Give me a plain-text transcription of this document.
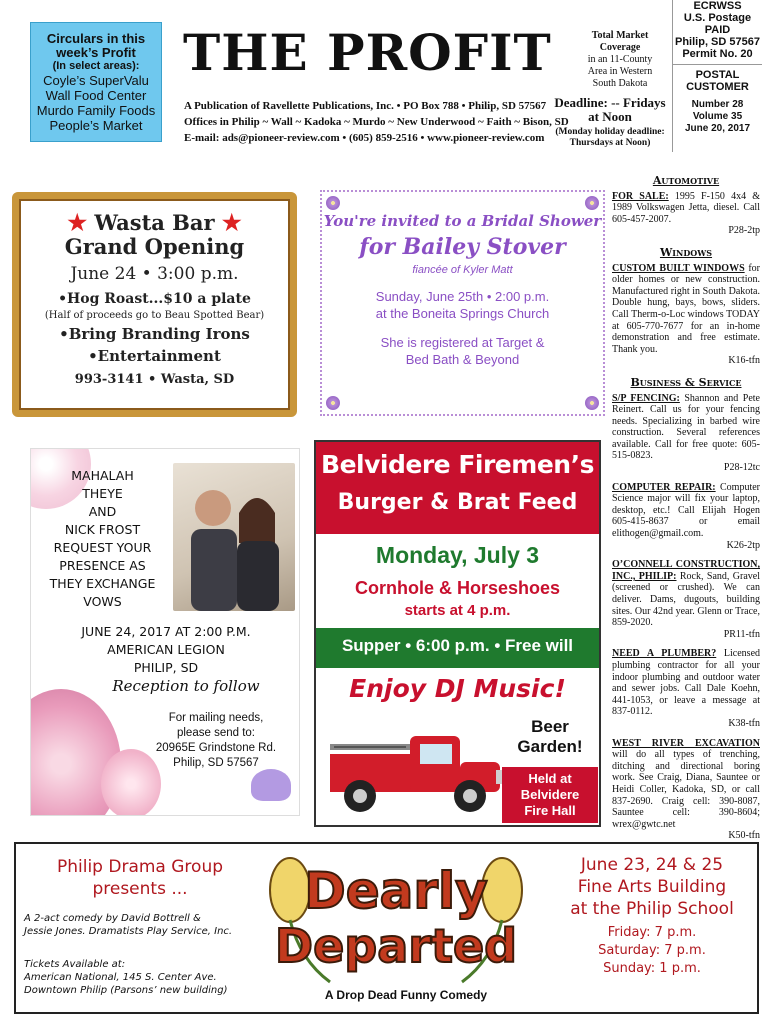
Circulars in this week’s Profit
(In select areas):
Coyle’s SuperValu
Wall Food Center
Murdo Family Foods
People’s Market
THE PROFIT
A Publication of Ravellette Publications, Inc. • PO Box 788 • Philip, SD 57567
Offices in Philip ~ Wall ~ Kadoka ~ Murdo ~ New Underwood ~ Faith ~ Bison, SD
E-mail: ads@pioneer-review.com • (605) 859-2516 • www.pioneer-review.com
Total Market Coverage
in an 11-County Area in Western South Dakota
Deadline: -- Fridays at Noon
(Monday holiday deadline: Thursdays at Noon)
ECRWSS
U.S. Postage
PAID
Philip, SD 57567
Permit No. 20
POSTAL
CUSTOMER
Number 28
Volume 35
June 20, 2017
★ Wasta Bar ★
Grand Opening
June 24 • 3:00 p.m.
•Hog Roast...$10 a plate
(Half of proceeds go to Beau Spotted Bear)
•Bring Branding Irons
•Entertainment
993-3141 • Wasta, SD
You're invited to a Bridal Shower
for Bailey Stover
fiancée of Kyler Matt
Sunday, June 25th • 2:00 p.m.
at the Boneita Springs Church
She is registered at Target &
Bed Bath & Beyond
MAHALAH
THEYE
AND
NICK FROST
REQUEST YOUR
PRESENCE AS
THEY EXCHANGE
VOWS
JUNE 24, 2017 AT 2:00 P.M.
AMERICAN LEGION
PHILIP, SD
Reception to follow
For mailing needs,
please send to:
20965E Grindstone Rd.
Philip, SD 57567
Belvidere Firemen’s
Burger & Brat Feed
Monday, July 3
Cornhole & Horseshoes
starts at 4 p.m.
Supper • 6:00 p.m. • Free will
Enjoy DJ Music!
Beer
Garden!
Held at
Belvidere
Fire Hall
Automotive
FOR SALE: 1995 F-150 4x4 & 1989 Volkswagen Jetta, diesel. Call 605-457-2007.
P28-2tp
Windows
CUSTOM BUILT WINDOWS for older homes or new construction. Manufactured right in South Dakota. Double hung, bays, bows, sliders. Call Therm-o-Loc windows TODAY at 605-770-7677 for an in-home demonstration and free estimate. Thank you.
K16-tfn
Business & Service
S/P FENCING: Shannon and Pete Reinert. Call us for your fencing needs. Specializing in barbed wire construction. Several references available. Call for free quote: 605-515-0823.
P28-12tc
COMPUTER REPAIR: Computer Science major will fix your laptop, desktop, etc.! Call Elijah Hogen 605-415-8637 or email elithogen@gmail.com.
K26-2tp
O’CONNELL CONSTRUCTION, INC., PHILIP: Rock, Sand, Gravel (screened or crushed). We can deliver. Dams, dugouts, building sites. Our 42nd year. Glenn or Trace, 859-2020.
PR11-tfn
NEED A PLUMBER? Licensed plumbing contractor for all your indoor plumbing and outdoor water and sewer jobs. Call Dale Koehn, 441-1053, or leave a message at 837-0112.
K38-tfn
WEST RIVER EXCAVATION will do all types of trenching, ditching and directional boring work. See Craig, Diana, Sauntee or Heidi Coller, Kadoka, SD, or call 837-2690. Craig cell: 390-8087, Sauntee cell: 390-8604; wrex@gwtc.net
K50-tfn
Philip Drama Group
presents ...
A 2-act comedy by David Bottrell &
Jessie Jones. Dramatists Play Service, Inc.
Tickets Available at:
American National, 145 S. Center Ave.
Downtown Philip (Parsons’ new building)
Dearly
Departed
A Drop Dead Funny Comedy
June 23, 24 & 25
Fine Arts Building
at the Philip School
Friday: 7 p.m.
Saturday: 7 p.m.
Sunday: 1 p.m.
